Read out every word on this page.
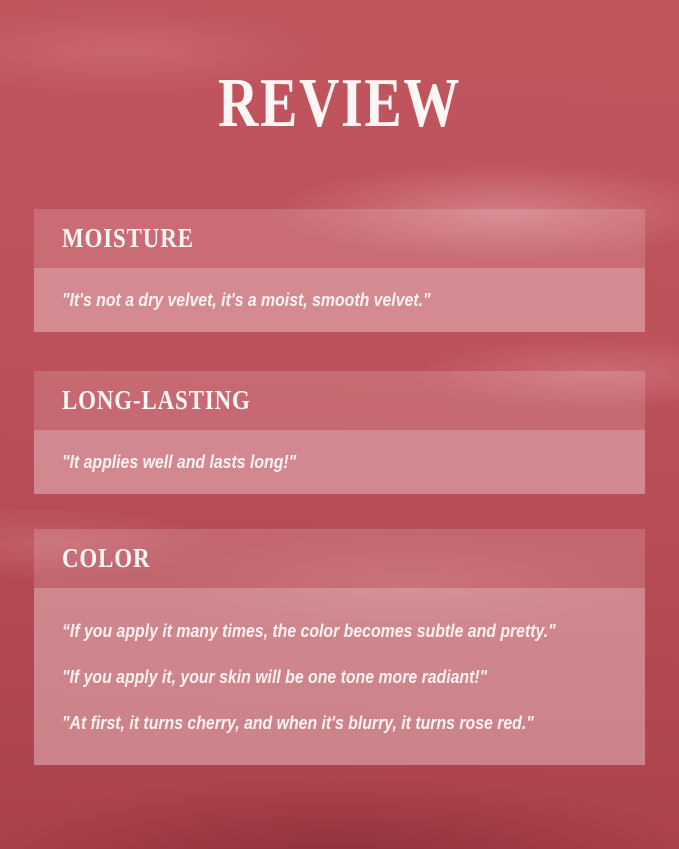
REVIEW
MOISTURE

"It's not a dry velvet, it's a moist, smooth velvet."

LONG-LASTING

"It applies well and lasts long!"

COLOR

“If you apply it many times, the color becomes subtle and pretty."

"If you apply it, your skin will be one tone more radiant!"

"At first, it turns cherry, and when it's blurry, it turns rose red."
